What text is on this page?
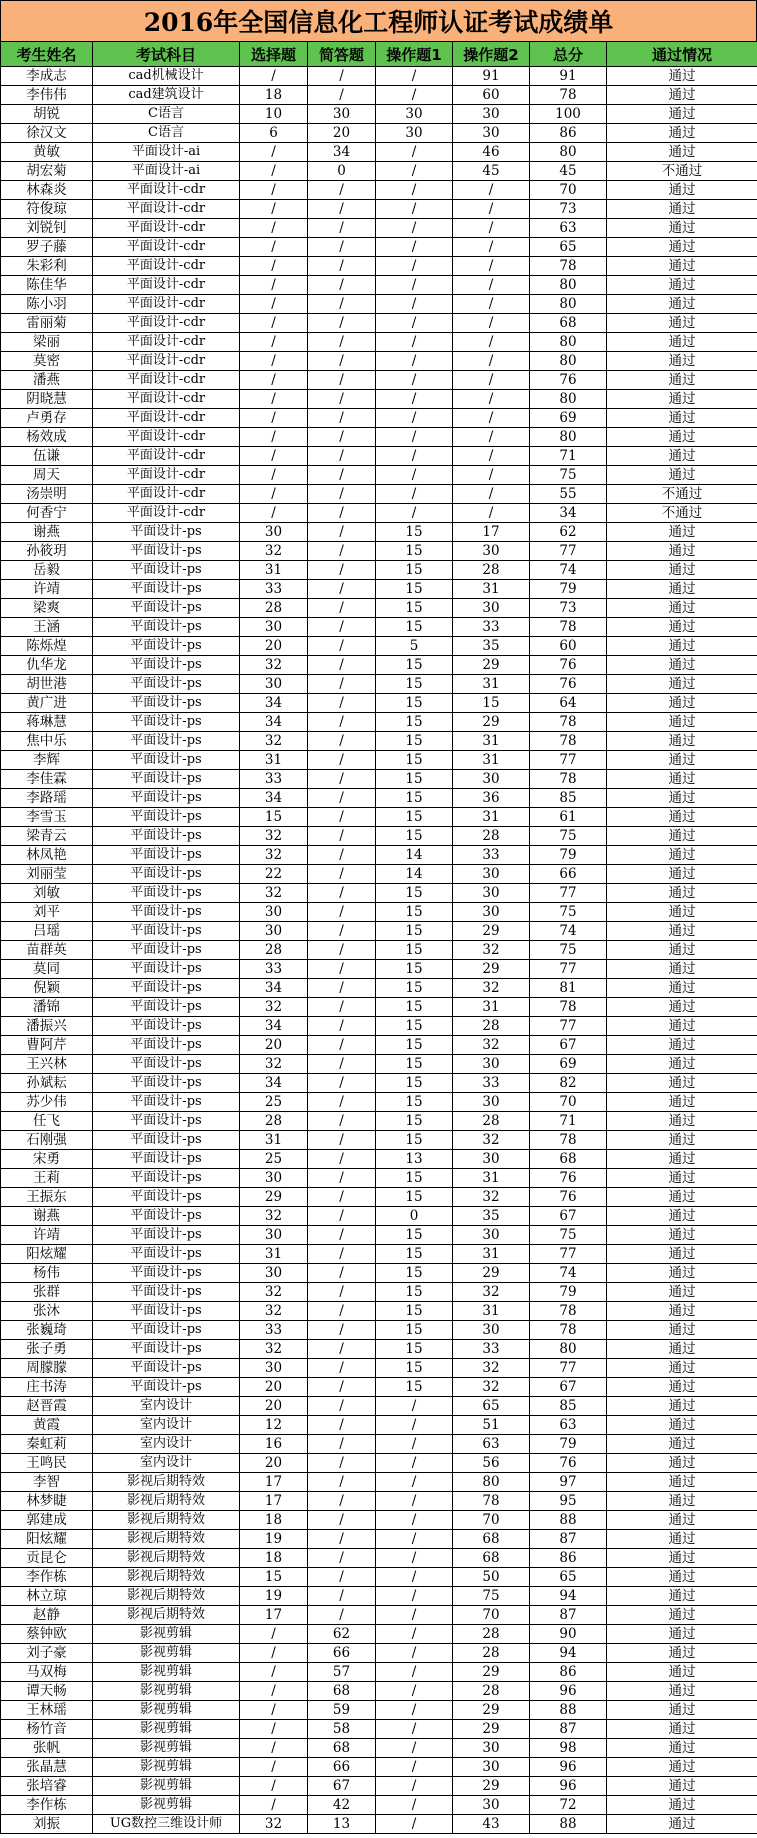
2016年全国信息化工程师认证考试成绩单
考生姓名	考试科目	选择题	简答题	操作题1	操作题2	总分	通过情况
李成志	cad机械设计	/	/	/	91	91	通过
李伟伟	cad建筑设计	18	/	/	60	78	通过
胡锐	C语言	10	30	30	30	100	通过
徐汉文	C语言	6	20	30	30	86	通过
黄敏	平面设计-ai	/	34	/	46	80	通过
胡宏菊	平面设计-ai	/	0	/	45	45	不通过
林森炎	平面设计-cdr	/	/	/	/	70	通过
符俊琼	平面设计-cdr	/	/	/	/	73	通过
刘锐钊	平面设计-cdr	/	/	/	/	63	通过
罗子藤	平面设计-cdr	/	/	/	/	65	通过
朱彩利	平面设计-cdr	/	/	/	/	78	通过
陈佳华	平面设计-cdr	/	/	/	/	80	通过
陈小羽	平面设计-cdr	/	/	/	/	80	通过
雷丽菊	平面设计-cdr	/	/	/	/	68	通过
梁丽	平面设计-cdr	/	/	/	/	80	通过
莫密	平面设计-cdr	/	/	/	/	80	通过
潘燕	平面设计-cdr	/	/	/	/	76	通过
阴晓慧	平面设计-cdr	/	/	/	/	80	通过
卢勇存	平面设计-cdr	/	/	/	/	69	通过
杨效成	平面设计-cdr	/	/	/	/	80	通过
伍谦	平面设计-cdr	/	/	/	/	71	通过
周天	平面设计-cdr	/	/	/	/	75	通过
汤崇明	平面设计-cdr	/	/	/	/	55	不通过
何香宁	平面设计-cdr	/	/	/	/	34	不通过
谢燕	平面设计-ps	30	/	15	17	62	通过
孙筱玥	平面设计-ps	32	/	15	30	77	通过
岳毅	平面设计-ps	31	/	15	28	74	通过
许靖	平面设计-ps	33	/	15	31	79	通过
梁爽	平面设计-ps	28	/	15	30	73	通过
王涵	平面设计-ps	30	/	15	33	78	通过
陈烁煌	平面设计-ps	20	/	5	35	60	通过
仇华龙	平面设计-ps	32	/	15	29	76	通过
胡世港	平面设计-ps	30	/	15	31	76	通过
黄广进	平面设计-ps	34	/	15	15	64	通过
蒋琳慧	平面设计-ps	34	/	15	29	78	通过
焦中乐	平面设计-ps	32	/	15	31	78	通过
李辉	平面设计-ps	31	/	15	31	77	通过
李佳霖	平面设计-ps	33	/	15	30	78	通过
李路瑶	平面设计-ps	34	/	15	36	85	通过
李雪玉	平面设计-ps	15	/	15	31	61	通过
梁青云	平面设计-ps	32	/	15	28	75	通过
林凤艳	平面设计-ps	32	/	14	33	79	通过
刘丽莹	平面设计-ps	22	/	14	30	66	通过
刘敏	平面设计-ps	32	/	15	30	77	通过
刘平	平面设计-ps	30	/	15	30	75	通过
吕瑶	平面设计-ps	30	/	15	29	74	通过
苗群英	平面设计-ps	28	/	15	32	75	通过
莫同	平面设计-ps	33	/	15	29	77	通过
倪颖	平面设计-ps	34	/	15	32	81	通过
潘锦	平面设计-ps	32	/	15	31	78	通过
潘振兴	平面设计-ps	34	/	15	28	77	通过
曹阿芹	平面设计-ps	20	/	15	32	67	通过
王兴林	平面设计-ps	32	/	15	30	69	通过
孙斌耘	平面设计-ps	34	/	15	33	82	通过
苏少伟	平面设计-ps	25	/	15	30	70	通过
任飞	平面设计-ps	28	/	15	28	71	通过
石刚强	平面设计-ps	31	/	15	32	78	通过
宋勇	平面设计-ps	25	/	13	30	68	通过
王莉	平面设计-ps	30	/	15	31	76	通过
王振东	平面设计-ps	29	/	15	32	76	通过
谢燕	平面设计-ps	32	/	0	35	67	通过
许靖	平面设计-ps	30	/	15	30	75	通过
阳炫耀	平面设计-ps	31	/	15	31	77	通过
杨伟	平面设计-ps	30	/	15	29	74	通过
张群	平面设计-ps	32	/	15	32	79	通过
张沐	平面设计-ps	32	/	15	31	78	通过
张巍琦	平面设计-ps	33	/	15	30	78	通过
张子勇	平面设计-ps	32	/	15	33	80	通过
周朦朦	平面设计-ps	30	/	15	32	77	通过
庄书涛	平面设计-ps	20	/	15	32	67	通过
赵晋霞	室内设计	20	/	/	65	85	通过
黄霞	室内设计	12	/	/	51	63	通过
秦虹莉	室内设计	16	/	/	63	79	通过
王鸣民	室内设计	20	/	/	56	76	通过
李智	影视后期特效	17	/	/	80	97	通过
林梦睫	影视后期特效	17	/	/	78	95	通过
郭建成	影视后期特效	18	/	/	70	88	通过
阳炫耀	影视后期特效	19	/	/	68	87	通过
贡昆仑	影视后期特效	18	/	/	68	86	通过
李作栋	影视后期特效	15	/	/	50	65	通过
林立琼	影视后期特效	19	/	/	75	94	通过
赵静	影视后期特效	17	/	/	70	87	通过
蔡钟欧	影视剪辑	/	62	/	28	90	通过
刘子豪	影视剪辑	/	66	/	28	94	通过
马双梅	影视剪辑	/	57	/	29	86	通过
谭天畅	影视剪辑	/	68	/	28	96	通过
王林瑶	影视剪辑	/	59	/	29	88	通过
杨竹音	影视剪辑	/	58	/	29	87	通过
张帆	影视剪辑	/	68	/	30	98	通过
张晶慧	影视剪辑	/	66	/	30	96	通过
张培睿	影视剪辑	/	67	/	29	96	通过
李作栋	影视剪辑	/	42	/	30	72	通过
刘振	UG数控三维设计师	32	13	/	43	88	通过
